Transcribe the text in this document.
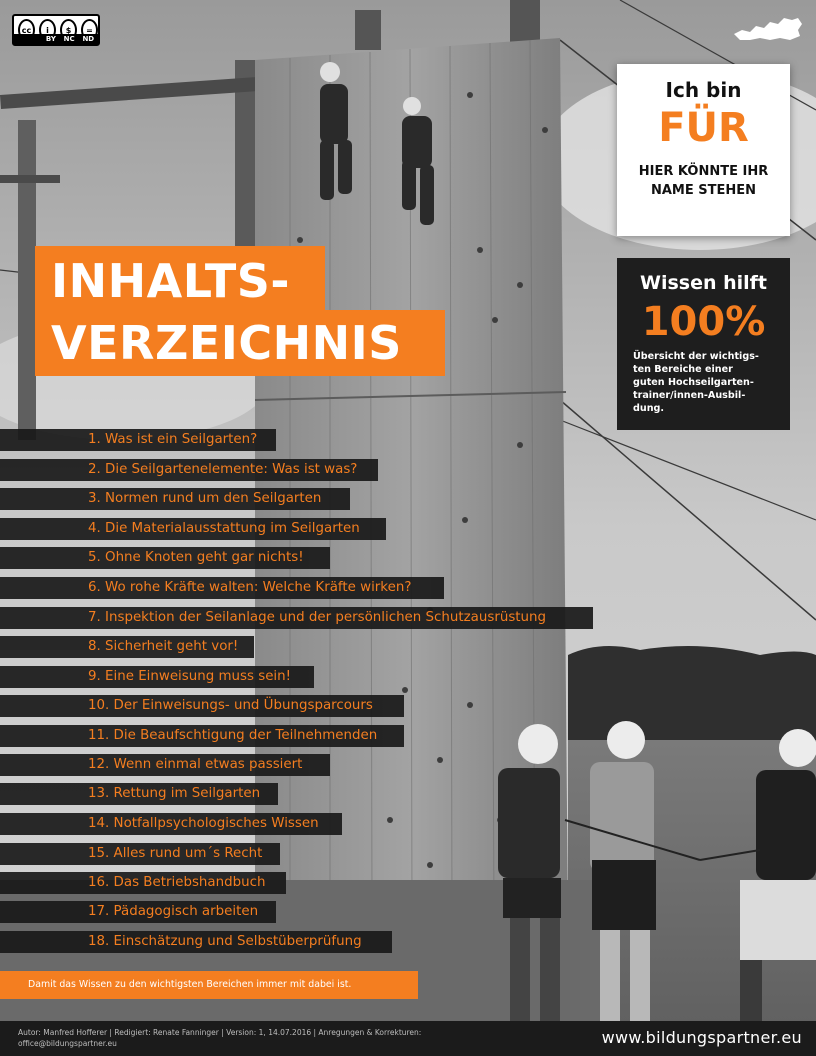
cc	i	$	=
BY NC ND
INHALTS-
VERZEICHNIS
Ich bin
FÜR
HIER KÖNNTE IHR
NAME STEHEN
Wissen hilft
100%
Übersicht der wichtigs-
ten Bereiche einer
guten Hochseilgarten-
trainer/innen-Ausbil-
dung.
1. Was ist ein Seilgarten?
2. Die Seilgartenelemente: Was ist was?
3. Normen rund um den Seilgarten
4. Die Materialausstattung im Seilgarten
5. Ohne Knoten geht gar nichts!
6. Wo rohe Kräfte walten: Welche Kräfte wirken?
7. Inspektion der Seilanlage und der persönlichen Schutzausrüstung
8. Sicherheit geht vor!
9. Eine Einweisung muss sein!
10. Der Einweisungs- und Übungsparcours
11. Die Beaufschtigung der Teilnehmenden
12. Wenn einmal etwas passiert
13. Rettung im Seilgarten
14. Notfallpsychologisches Wissen
15. Alles rund um´s Recht
16. Das Betriebshandbuch
17. Pädagogisch arbeiten
18. Einschätzung und Selbstüberprüfung
Damit das Wissen zu den wichtigsten Bereichen immer mit dabei ist.
Autor: Manfred Hofferer | Redigiert: Renate Fanninger | Version: 1, 14.07.2016 | Anregungen & Korrekturen:
office@bildungspartner.eu	www.bildungspartner.eu
